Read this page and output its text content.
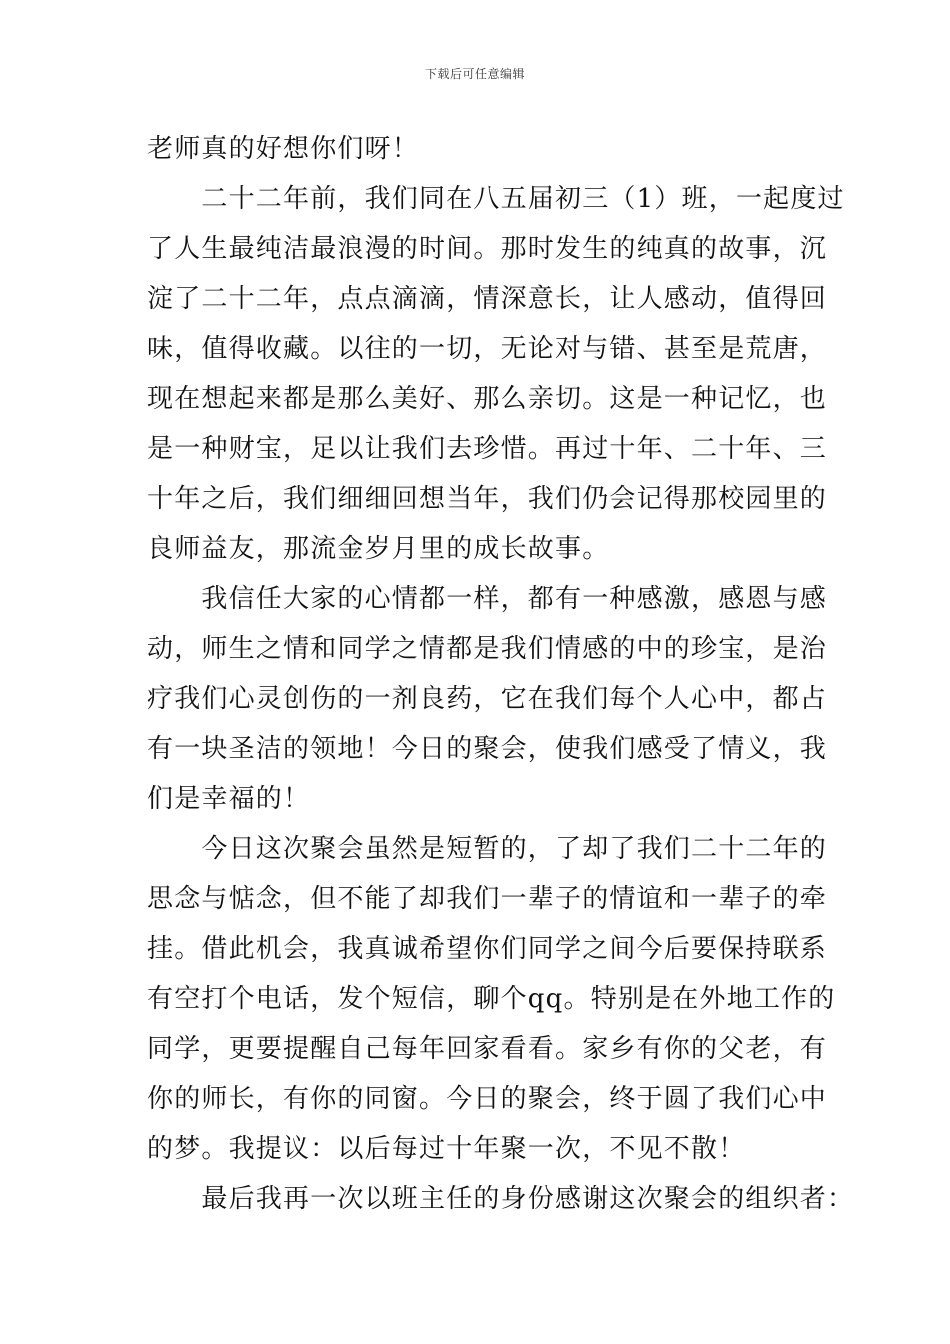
下载后可任意编辑
老师真的好想你们呀！
　　二十二年前，我们同在八五届初三（1）班，一起度过
了人生最纯洁最浪漫的时间。那时发生的纯真的故事，沉
淀了二十二年，点点滴滴，情深意长，让人感动，值得回
味，值得收藏。以往的一切，无论对与错、甚至是荒唐，
现在想起来都是那么美好、那么亲切。这是一种记忆，也
是一种财宝，足以让我们去珍惜。再过十年、二十年、三
十年之后，我们细细回想当年，我们仍会记得那校园里的
良师益友，那流金岁月里的成长故事。
　　我信任大家的心情都一样，都有一种感激，感恩与感
动，师生之情和同学之情都是我们情感的中的珍宝，是治
疗我们心灵创伤的一剂良药，它在我们每个人心中，都占
有一块圣洁的领地！今日的聚会，使我们感受了情义，我
们是幸福的！
　　今日这次聚会虽然是短暂的，了却了我们二十二年的
思念与惦念，但不能了却我们一辈子的情谊和一辈子的牵
挂。借此机会，我真诚希望你们同学之间今后要保持联系
有空打个电话，发个短信，聊个qq。特别是在外地工作的
同学，更要提醒自己每年回家看看。家乡有你的父老，有
你的师长，有你的同窗。今日的聚会，终于圆了我们心中
的梦。我提议：以后每过十年聚一次，不见不散！
　　最后我再一次以班主任的身份感谢这次聚会的组织者：
